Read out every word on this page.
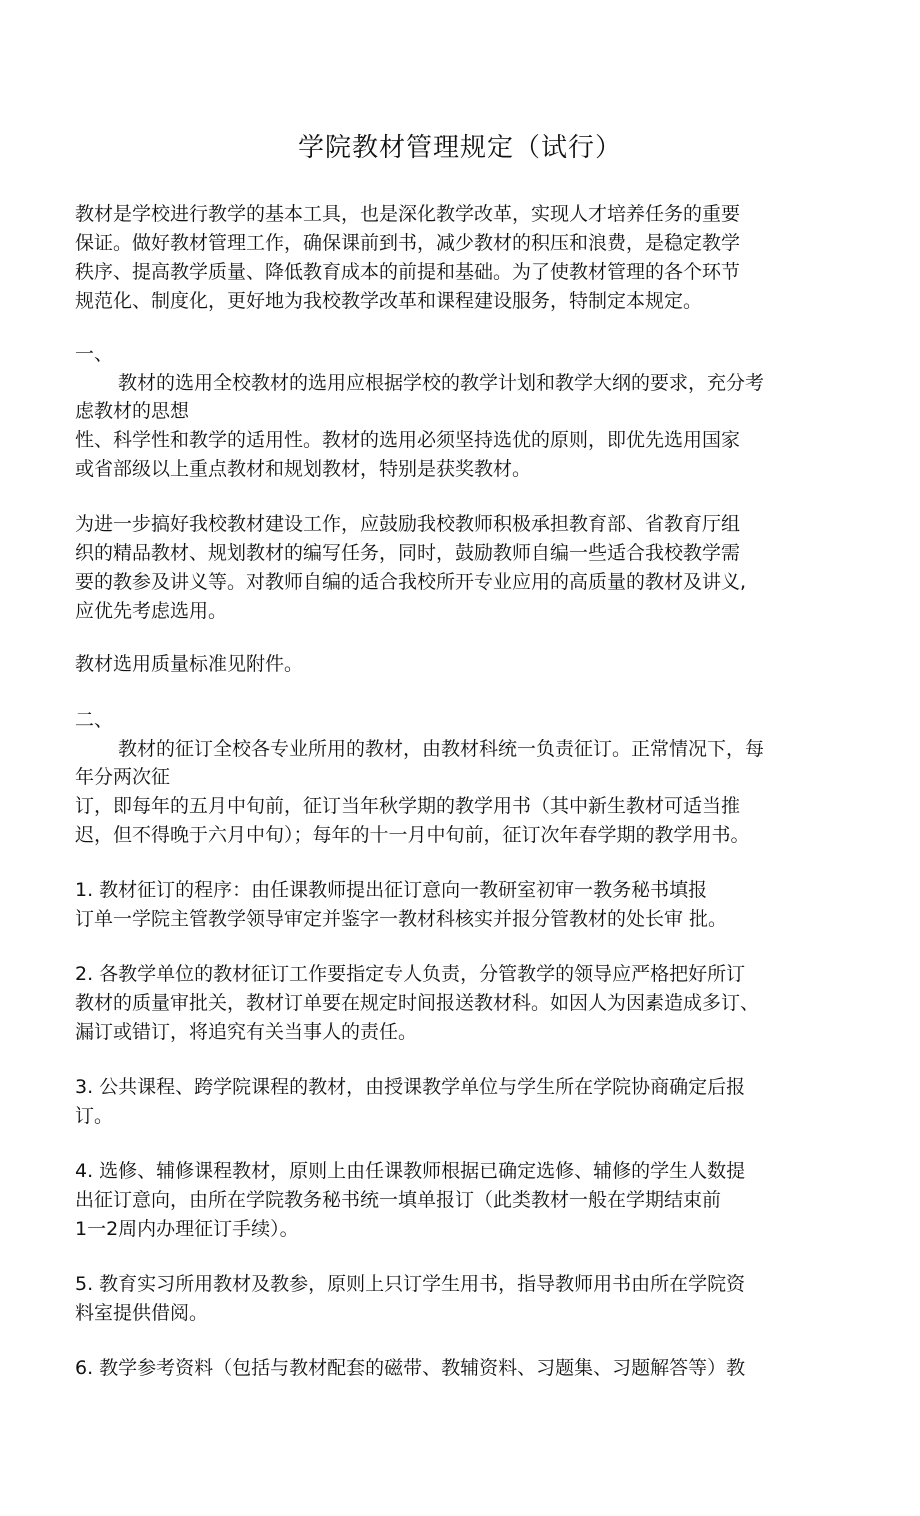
学院教材管理规定（试行）
教材是学校进行教学的基本工具，也是深化教学改革，实现人才培养任务的重要
保证。做好教材管理工作，确保课前到书，减少教材的积压和浪费，是稳定教学
秩序、提高教学质量、降低教育成本的前提和基础。为了使教材管理的各个环节
规范化、制度化，更好地为我校教学改革和课程建设服务，特制定本规定。
一、
教材的选用全校教材的选用应根据学校的教学计划和教学大纲的要求，充分考
虑教材的思想
性、科学性和教学的适用性。教材的选用必须坚持选优的原则，即优先选用国家
或省部级以上重点教材和规划教材，特别是获奖教材。
为进一步搞好我校教材建设工作，应鼓励我校教师积极承担教育部、省教育厅组
织的精品教材、规划教材的编写任务，同时，鼓励教师自编一些适合我校教学需
要的教参及讲义等。对教师自编的适合我校所开专业应用的高质量的教材及讲义,
应优先考虑选用。
教材选用质量标准见附件。
二、
教材的征订全校各专业所用的教材，由教材科统一负责征订。正常情况下，每
年分两次征
订，即每年的五月中旬前，征订当年秋学期的教学用书（其中新生教材可适当推
迟，但不得晚于六月中旬）；每年的十一月中旬前，征订次年春学期的教学用书。
1. 教材征订的程序：由任课教师提出征订意向一教研室初审一教务秘书填报
订单一学院主管教学领导审定并鉴字一教材科核实并报分管教材的处长审 批。
2. 各教学单位的教材征订工作要指定专人负责，分管教学的领导应严格把好所订
教材的质量审批关，教材订单要在规定时间报送教材科。如因人为因素造成多订、
漏订或错订，将追究有关当事人的责任。
3. 公共课程、跨学院课程的教材，由授课教学单位与学生所在学院协商确定后报
订。
4. 选修、辅修课程教材，原则上由任课教师根据已确定选修、辅修的学生人数提
出征订意向，由所在学院教务秘书统一填单报订（此类教材一般在学期结束前
1一2周内办理征订手续）。
5. 教育实习所用教材及教参，原则上只订学生用书，指导教师用书由所在学院资
料室提供借阅。
6. 教学参考资料（包括与教材配套的磁带、教辅资料、习题集、习题解答等）教
